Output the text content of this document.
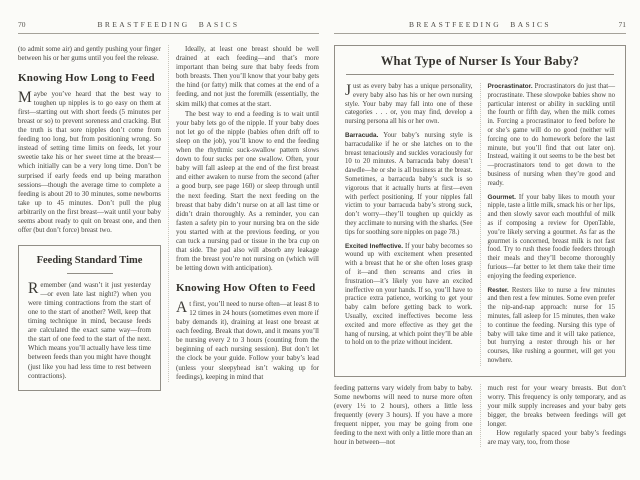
70	BREASTFEEDING BASICS

(to admit some air) and gently pushing your finger between his or her gums until you feel the release.

Knowing How Long to Feed

Maybe you’ve heard that the best way to toughen up nipples is to go easy on them at first—starting out with short feeds (5 minutes per breast or so) to prevent soreness and cracking. But the truth is that sore nipples don’t come from feeding too long, but from positioning wrong. So instead of setting time limits on feeds, let your sweetie take his or her sweet time at the breast—which initially can be a very long time. Don’t be surprised if early feeds end up being marathon sessions—though the average time to complete a feeding is about 20 to 30 minutes, some newborns take up to 45 minutes. Don’t pull the plug arbitrarily on the first breast—wait until your baby seems about ready to quit on breast one, and then offer (but don’t force) breast two.

Feeding Standard Time

Remember (and wasn’t it just yesterday—or even late last night?) when you were timing contractions from the start of one to the start of another? Well, keep that timing technique in mind, because feeds are calculated the exact same way—from the start of one feed to the start of the next. Which means you’ll actually have less time between feeds than you might have thought (just like you had less time to rest between contractions).

Ideally, at least one breast should be well drained at each feeding—and that’s more important than being sure that baby feeds from both breasts. Then you’ll know that your baby gets the hind (or fatty) milk that comes at the end of a feeding, and not just the foremilk (essentially, the skim milk) that comes at the start.

The best way to end a feeding is to wait until your baby lets go of the nipple. If your baby does not let go of the nipple (babies often drift off to sleep on the job), you’ll know to end the feeding when the rhythmic suck-swallow pattern slows down to four sucks per one swallow. Often, your baby will fall asleep at the end of the first breast and either awaken to nurse from the second (after a good burp, see page 160) or sleep through until the next feeding. Start the next feeding on the breast that baby didn’t nurse on at all last time or didn’t drain thoroughly. As a reminder, you can fasten a safety pin to your nursing bra on the side you started with at the previous feeding, or you can tuck a nursing pad or tissue in the bra cup on that side. The pad also will absorb any leakage from the breast you’re not nursing on (which will be letting down with anticipation).

Knowing How Often to Feed

At first, you’ll need to nurse often—at least 8 to 12 times in 24 hours (sometimes even more if baby demands it), draining at least one breast at each feeding. Break that down, and it means you’ll be nursing every 2 to 3 hours (counting from the beginning of each nursing session). But don’t let the clock be your guide. Follow your baby’s lead (unless your sleepyhead isn’t waking up for feedings), keeping in mind that

71
BREASTFEEDING BASICS
What Type of Nurser Is Your Baby?

Just as every baby has a unique personality, every baby also has his or her own nursing style. Your baby may fall into one of these categories . . . or, you may find, develop a nursing persona all his or her own.

Barracuda. Your baby’s nursing style is barracudalike if he or she latches on to the breast tenaciously and suckles voraciously for 10 to 20 minutes. A barracuda baby doesn’t dawdle—he or she is all business at the breast. Sometimes, a barracuda baby’s suck is so vigorous that it actually hurts at first—even with perfect positioning. If your nipples fall victim to your barracuda baby’s strong suck, don’t worry—they’ll toughen up quickly as they acclimate to nursing with the sharks. (See tips for soothing sore nipples on page 78.)

Excited Ineffective. If your baby becomes so wound up with excitement when presented with a breast that he or she often loses grasp of it—and then screams and cries in frustration—it’s likely you have an excited ineffective on your hands. If so, you’ll have to practice extra patience, working to get your baby calm before getting back to work. Usually, excited ineffectives become less excited and more effective as they get the hang of nursing, at which point they’ll be able to hold on to the prize without incident.

Procrastinator. Procrastinators do just that—procrastinate. These slowpoke babies show no particular interest or ability in suckling until the fourth or fifth day, when the milk comes in. Forcing a procrastinator to feed before he or she’s game will do no good (neither will forcing one to do homework before the last minute, but you’ll find that out later on). Instead, waiting it out seems to be the best bet—procrastinators tend to get down to the business of nursing when they’re good and ready.

Gourmet. If your baby likes to mouth your nipple, taste a little milk, smack his or her lips, and then slowly savor each mouthful of milk as if composing a review for OpenTable, you’re likely serving a gourmet. As far as the gourmet is concerned, breast milk is not fast food. Try to rush these foodie feeders through their meals and they’ll become thoroughly furious—far better to let them take their time enjoying the feeding experience.

Rester. Resters like to nurse a few minutes and then rest a few minutes. Some even prefer the nip-and-nap approach: nurse for 15 minutes, fall asleep for 15 minutes, then wake to continue the feeding. Nursing this type of baby will take time and it will take patience, but hurrying a rester through his or her courses, like rushing a gourmet, will get you nowhere.

feeding patterns vary widely from baby to baby. Some newborns will need to nurse more often (every 1½ to 2 hours), others a little less frequently (every 3 hours). If you have a more frequent nipper, you may be going from one feeding to the next with only a little more than an hour in between—not

much rest for your weary breasts. But don’t worry. This frequency is only temporary, and as your milk supply increases and your baby gets bigger, the breaks between feedings will get longer.

How regularly spaced your baby’s feedings are may vary, too, from those
